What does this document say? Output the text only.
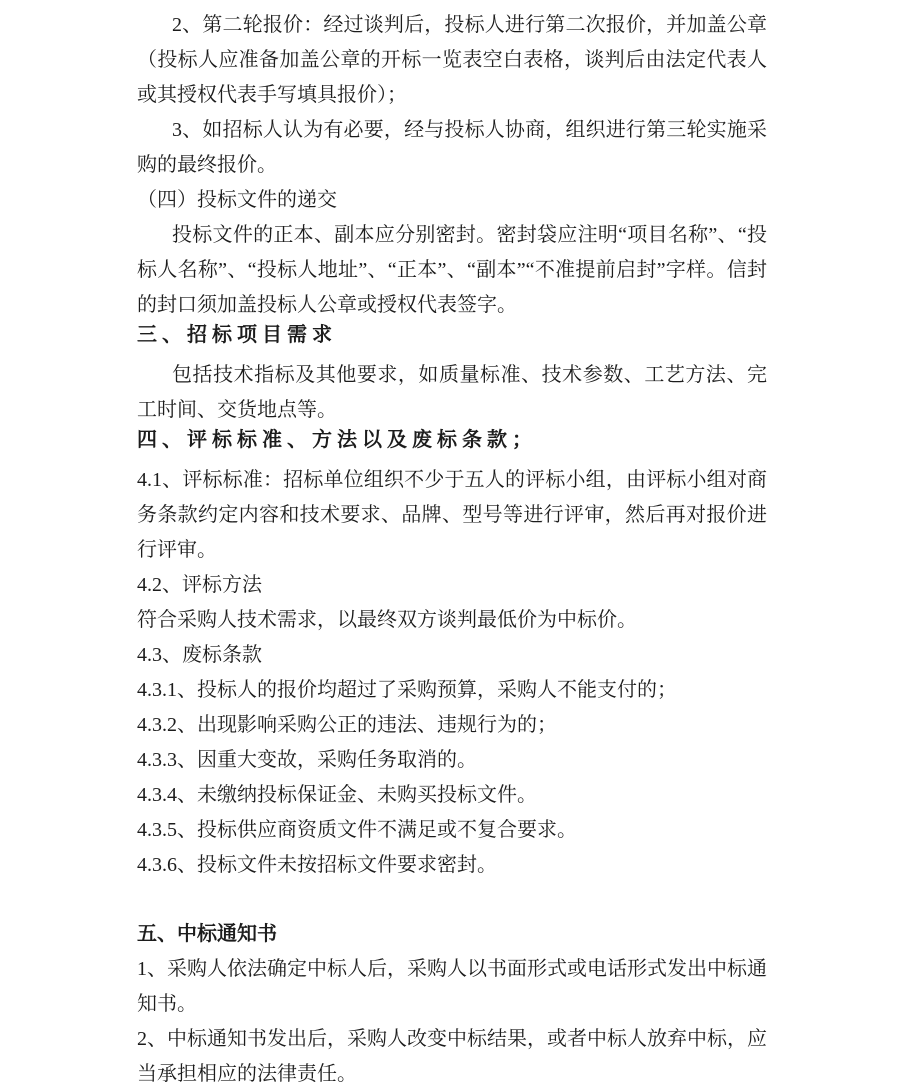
2、第二轮报价：经过谈判后，投标人进行第二次报价，并加盖公章（投标人应准备加盖公章的开标一览表空白表格，谈判后由法定代表人或其授权代表手写填具报价）；

3、如招标人认为有必要，经与投标人协商，组织进行第三轮实施采购的最终报价。

（四）投标文件的递交

投标文件的正本、副本应分别密封。密封袋应注明“项目名称”、“投标人名称”、“投标人地址”、“正本”、“副本”“不准提前启封”字样。信封的封口须加盖投标人公章或授权代表签字。

三、招标项目需求

包括技术指标及其他要求，如质量标准、技术参数、工艺方法、完工时间、交货地点等。

四、评标标准、方法以及废标条款；

4.1、评标标准：招标单位组织不少于五人的评标小组，由评标小组对商务条款约定内容和技术要求、品牌、型号等进行评审，然后再对报价进行评审。

4.2、评标方法

符合采购人技术需求，以最终双方谈判最低价为中标价。

4.3、废标条款

4.3.1、投标人的报价均超过了采购预算，采购人不能支付的；

4.3.2、出现影响采购公正的违法、违规行为的；

4.3.3、因重大变故，采购任务取消的。

4.3.4、未缴纳投标保证金、未购买投标文件。

4.3.5、投标供应商资质文件不满足或不复合要求。

4.3.6、投标文件未按招标文件要求密封。

五、中标通知书

1、采购人依法确定中标人后，采购人以书面形式或电话形式发出中标通知书。

2、中标通知书发出后，采购人改变中标结果，或者中标人放弃中标，应当承担相应的法律责任。
